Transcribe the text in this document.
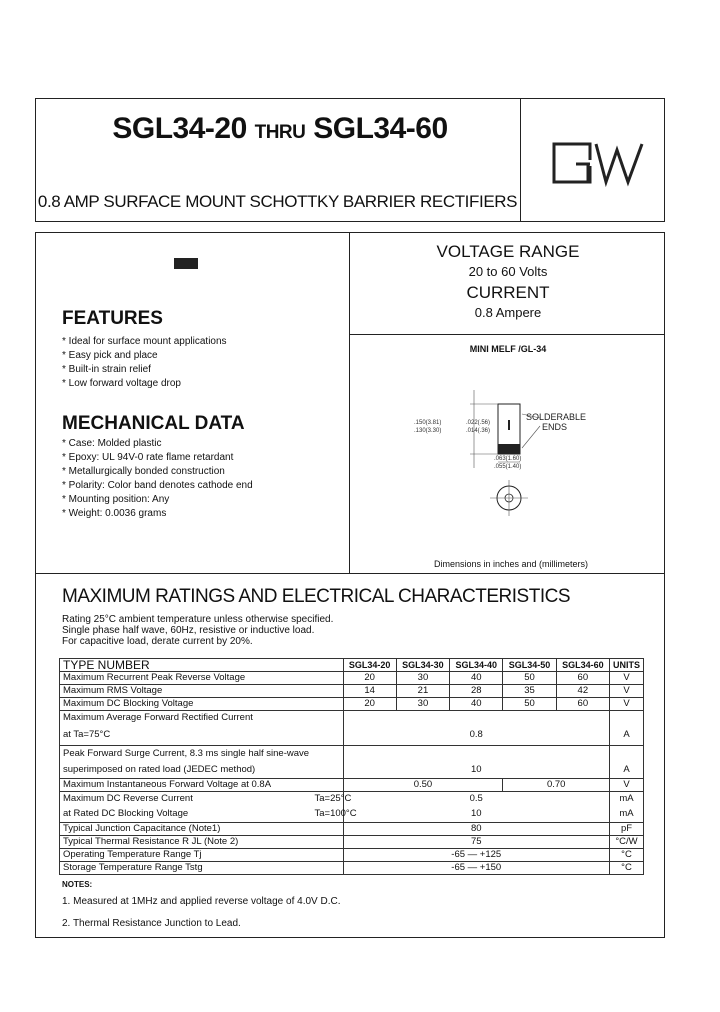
SGL34-20 THRU SGL34-60
0.8 AMP SURFACE MOUNT SCHOTTKY BARRIER RECTIFIERS
VOLTAGE RANGE
20 to 60 Volts
CURRENT
0.8 Ampere
FEATURES
* Ideal for surface mount applications
* Easy pick and place
* Built-in strain relief
* Low forward voltage drop
MECHANICAL DATA
* Case: Molded plastic
* Epoxy: UL 94V-0 rate flame retardant
* Metallurgically bonded construction
* Polarity: Color band denotes cathode end
* Mounting position: Any
* Weight: 0.0036 grams
MINI MELF /GL-34
.150(3.81)
.130(3.30)
.022(.56)
.014(.36)
.063(1.60)
.055(1.40)
SOLDERABLE
ENDS
Dimensions in inches and (millimeters)
MAXIMUM RATINGS AND ELECTRICAL CHARACTERISTICS
Rating 25°C ambient temperature unless otherwise specified.
Single phase half wave, 60Hz, resistive or inductive load.
For capacitive load, derate current by 20%.
TYPE NUMBER	SGL34-20	SGL34-30	SGL34-40	SGL34-50	SGL34-60	UNITS
Maximum Recurrent Peak Reverse Voltage	20	30	40	50	60	V
Maximum RMS Voltage	14	21	28	35	42	V
Maximum DC Blocking Voltage	20	30	40	50	60	V
Maximum Average Forward Rectified Current						
at Ta=75°C	0.8					A
Peak Forward Surge Current, 8.3 ms single half sine-wave						
superimposed on rated load (JEDEC method)	10					A
Maximum Instantaneous Forward Voltage at 0.8A	0.50			0.70		V
Maximum DC Reverse Current Ta=25°C	0.5					mA
at Rated DC Blocking Voltage Ta=100°C	10					mA
Typical Junction Capacitance (Note1)	80					pF
Typical Thermal Resistance R JL (Note 2)	75					°C/W
Operating Temperature Range Tj	-65 — +125					°C
Storage Temperature Range Tstg	-65 — +150					°C
NOTES:
1. Measured at 1MHz and applied reverse voltage of 4.0V D.C.
2. Thermal Resistance Junction to Lead.
